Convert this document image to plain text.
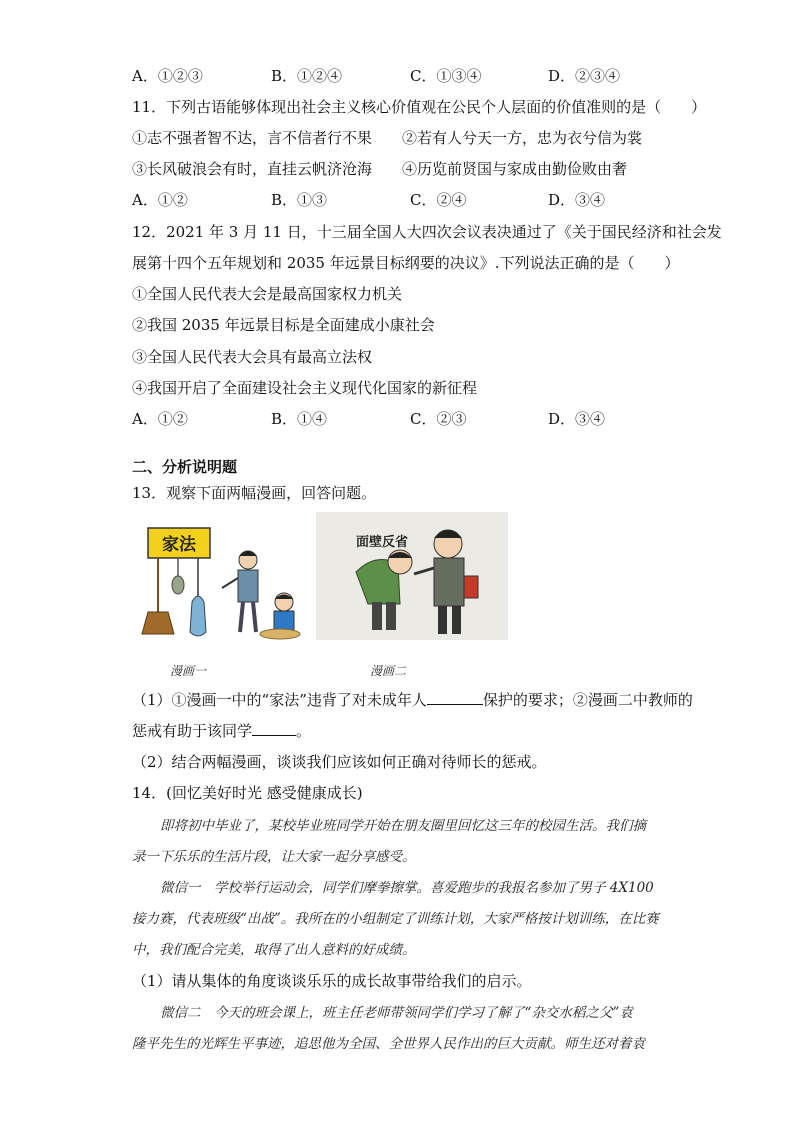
A．①②③	B．①②④	C．①③④	D．②③④
11．下列古语能够体现出社会主义核心价值观在公民个人层面的价值准则的是（　　）
①志不强者智不达，言不信者行不果　　②若有人兮天一方，忠为衣兮信为裳
③长风破浪会有时，直挂云帆济沧海　　④历览前贤国与家成由勤俭败由奢
A．①②	B．①③	C．②④	D．③④
12．2021 年 3 月 11 日，十三届全国人大四次会议表决通过了《关于国民经济和社会发
展第十四个五年规划和 2035 年远景目标纲要的决议》.下列说法正确的是（　　）
①全国人民代表大会是最高国家权力机关
②我国 2035 年远景目标是全面建成小康社会
③全国人民代表大会具有最高立法权
④我国开启了全面建设社会主义现代化国家的新征程
A．①②	B．①④	C．②③	D．③④
二、分析说明题
13．观察下面两幅漫画，回答问题。
家法	面壁反省
漫画一	漫画二
（1）①漫画一中的“家法”违背了对未成年人	保护的要求；②漫画二中教师的
惩戒有助于该同学	。
（2）结合两幅漫画，谈谈我们应该如何正确对待师长的惩戒。
14．(回忆美好时光 感受健康成长)
即将初中毕业了，某校毕业班同学开始在朋友圈里回忆这三年的校园生活。我们摘
录一下乐乐的生活片段，让大家一起分享感受。
微信一　学校举行运动会，同学们摩拳擦掌。喜爱跑步的我报名参加了男子 4X100
接力赛，代表班级“出战”。我所在的小组制定了训练计划，大家严格按计划训练，在比赛
中，我们配合完美，取得了出人意料的好成绩。
（1）请从集体的角度谈谈乐乐的成长故事带给我们的启示。
微信二　今天的班会课上，班主任老师带领同学们学习了解了“杂交水稻之父”袁
隆平先生的光辉生平事迹，追思他为全国、全世界人民作出的巨大贡献。师生还对着袁
